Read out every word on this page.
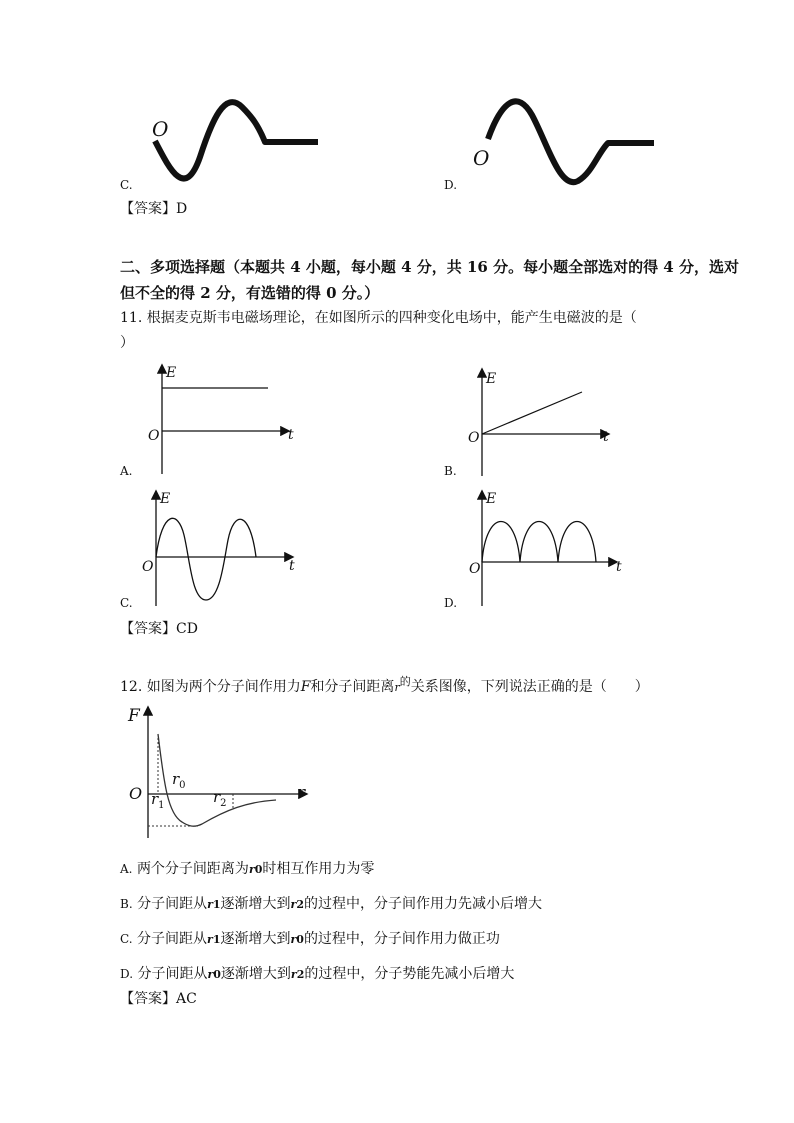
O
C.
O
D.
【答案】D
二、多项选择题（本题共 4 小题，每小题 4 分，共 16 分。每小题全部选对的得 4 分，选对
但不全的得 2 分，有选错的得 0 分。）
11. 根据麦克斯韦电磁场理论，在如图所示的四种变化电场中，能产生电磁波的是（
）
E
t
O
A.
E
t
O
B.
E
t
O
C.
E
t
O
D.
【答案】CD
12. 如图为两个分子间作用力F和分子间距离$r^的$关系图像，下列说法正确的是（　　）
F
r
O
$r_0$
$r_1$	$r_2$
A. 两个分子间距离为r0时相互作用力为零
B. 分子间距从r1逐渐增大到r2的过程中，分子间作用力先减小后增大
C. 分子间距从r1逐渐增大到r0的过程中，分子间作用力做正功
D. 分子间距从r0逐渐增大到r2的过程中，分子势能先减小后增大
【答案】AC
